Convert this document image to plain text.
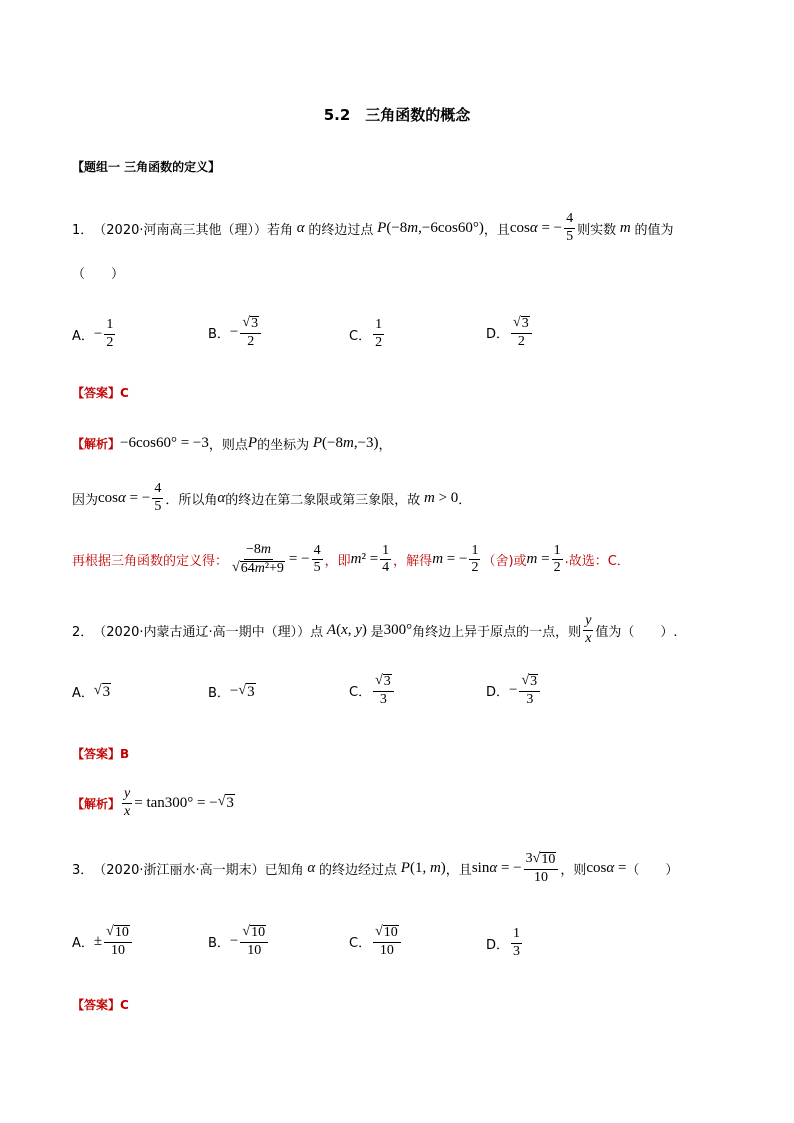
5.2　三角函数的概念
【题组一 三角函数的定义】
1． （2020·河南高三其他（理））若角 α 的终边过点 P(−8m,−6cos60°) ，且 cosα = − $\frac{4}{5}$ 则实数 m 的值为
（　　）
A． − $\frac{1}{2}$	B． − $\frac{√ 3}{2}$	C． $\frac{1}{2}$	D． $\frac{√ 3}{2}$
【答案】 C
【解析】 −6cos60° = −3 ，则点 P 的坐标为 P(−8m,−3) ，
因为 cosα = − $\frac{4}{5}$ ．所以角 α 的终边在第二象限或第三象限，故 m > 0 ．
再根据三角函数的定义得： $\frac{-8m}{\text{√ 64m²+9}}$ = − $\frac{4}{5}$ ，即 $m^2 = \frac{1}{4}$ ，解得 m = − $\frac{1}{2}$ （舍)或 $m = \frac{1}{2}$ . 故选：C．
2． （2020·内蒙古通辽·高一期中（理））点 A(x, y) 是 300° 角终边上异于原点的一点，则 $\frac{y}{x}$ 值为（　　）.
A． √ 3	B． − √ 3	C． $\frac{√ 3}{3}$	D． − $\frac{√ 3}{3}$
【答案】 B
【解析】 $\frac{y}{x} = \tan 300^\circ$ = − √ 3
3． （2020·浙江丽水·高一期末）已知角 α 的终边经过点 P(1, m) ，且 sinα = − $\frac{3 √ 10}{10}$ ，则 cosα = （　　）
A． ± $\frac{√ 10}{10}$	B． − $\frac{√ 10}{10}$	C． $\frac{√ 10}{10}$	D． $\frac{1}{3}$
【答案】 C
